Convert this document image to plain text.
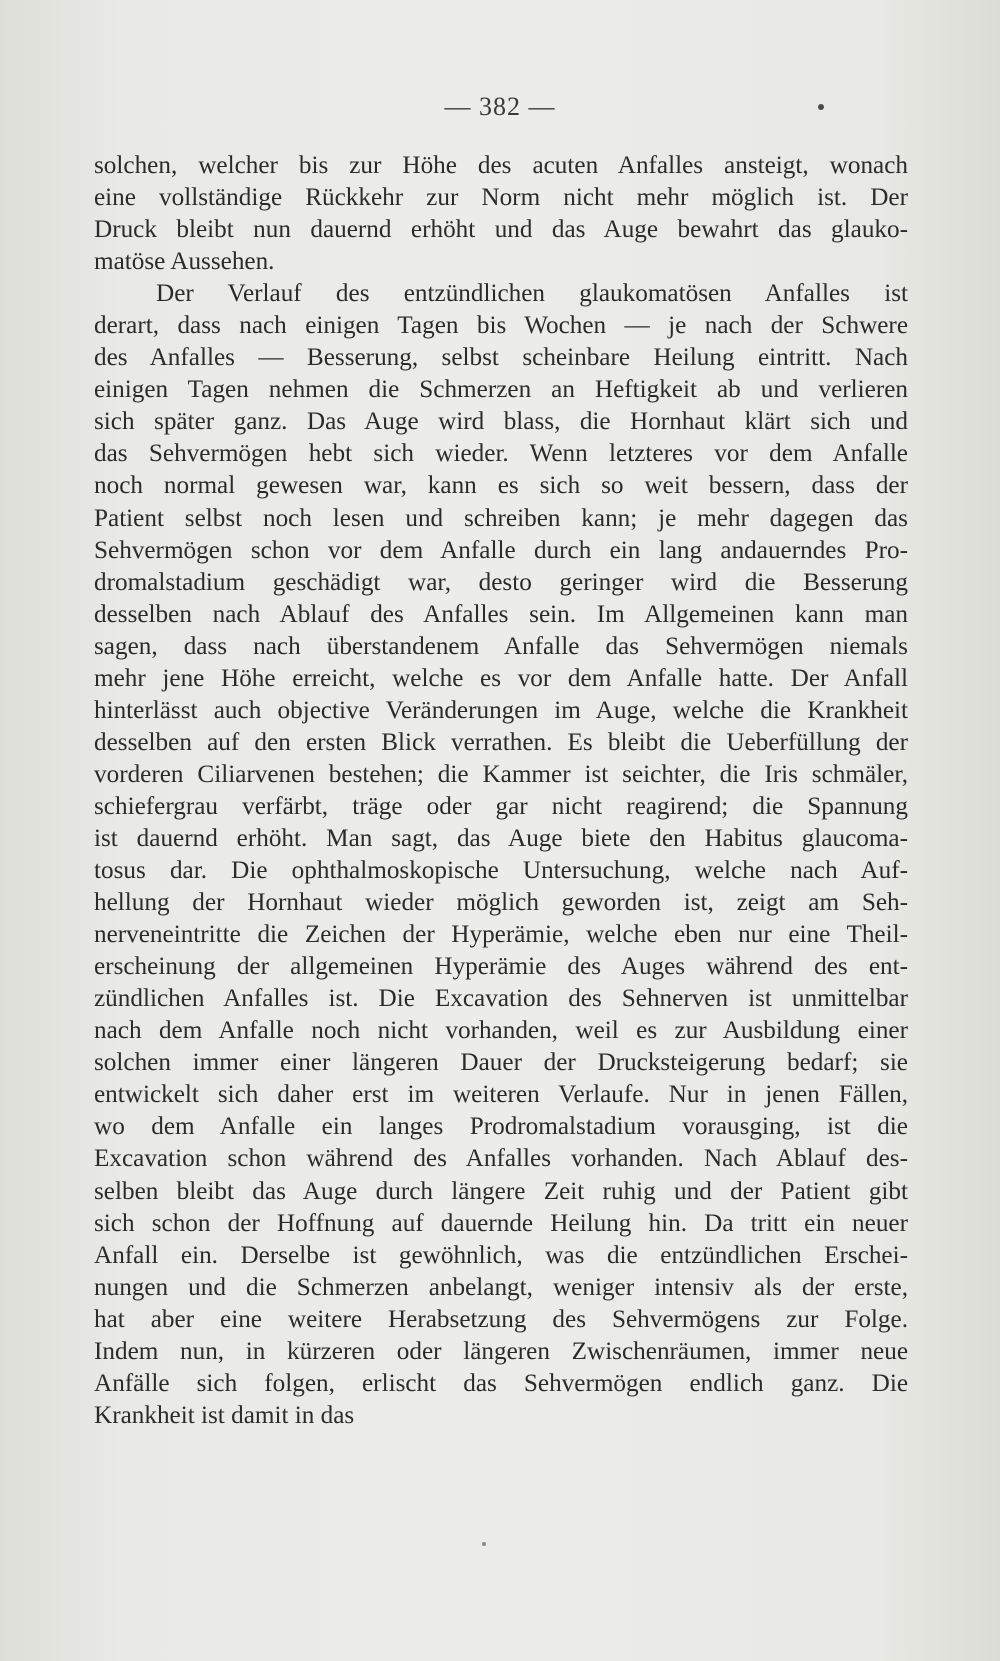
— 382 —
solchen, welcher bis zur Höhe des acuten Anfalles ansteigt, wonach
eine vollständige Rückkehr zur Norm nicht mehr möglich ist. Der
Druck bleibt nun dauernd erhöht und das Auge bewahrt das glauko-
matöse Aussehen.
Der Verlauf des entzündlichen glaukomatösen Anfalles ist
derart, dass nach einigen Tagen bis Wochen — je nach der Schwere
des Anfalles — Besserung, selbst scheinbare Heilung eintritt. Nach
einigen Tagen nehmen die Schmerzen an Heftigkeit ab und verlieren
sich später ganz. Das Auge wird blass, die Hornhaut klärt sich und
das Sehvermögen hebt sich wieder. Wenn letzteres vor dem Anfalle
noch normal gewesen war, kann es sich so weit bessern, dass der
Patient selbst noch lesen und schreiben kann; je mehr dagegen das
Sehvermögen schon vor dem Anfalle durch ein lang andauerndes Pro-
dromalstadium geschädigt war, desto geringer wird die Besserung
desselben nach Ablauf des Anfalles sein. Im Allgemeinen kann man
sagen, dass nach überstandenem Anfalle das Sehvermögen niemals
mehr jene Höhe erreicht, welche es vor dem Anfalle hatte. Der Anfall
hinterlässt auch objective Veränderungen im Auge, welche die Krankheit
desselben auf den ersten Blick verrathen. Es bleibt die Ueberfüllung der
vorderen Ciliarvenen bestehen; die Kammer ist seichter, die Iris schmäler,
schiefergrau verfärbt, träge oder gar nicht reagirend; die Spannung
ist dauernd erhöht. Man sagt, das Auge biete den Habitus glaucoma-
tosus dar. Die ophthalmoskopische Untersuchung, welche nach Auf-
hellung der Hornhaut wieder möglich geworden ist, zeigt am Seh-
nerveneintritte die Zeichen der Hyperämie, welche eben nur eine Theil-
erscheinung der allgemeinen Hyperämie des Auges während des ent-
zündlichen Anfalles ist. Die Excavation des Sehnerven ist unmittelbar
nach dem Anfalle noch nicht vorhanden, weil es zur Ausbildung einer
solchen immer einer längeren Dauer der Drucksteigerung bedarf; sie
entwickelt sich daher erst im weiteren Verlaufe. Nur in jenen Fällen,
wo dem Anfalle ein langes Prodromalstadium vorausging, ist die
Excavation schon während des Anfalles vorhanden. Nach Ablauf des-
selben bleibt das Auge durch längere Zeit ruhig und der Patient gibt
sich schon der Hoffnung auf dauernde Heilung hin. Da tritt ein neuer
Anfall ein. Derselbe ist gewöhnlich, was die entzündlichen Erschei-
nungen und die Schmerzen anbelangt, weniger intensiv als der erste,
hat aber eine weitere Herabsetzung des Sehvermögens zur Folge.
Indem nun, in kürzeren oder längeren Zwischenräumen, immer neue
Anfälle sich folgen, erlischt das Sehvermögen endlich ganz. Die
Krankheit ist damit in das
